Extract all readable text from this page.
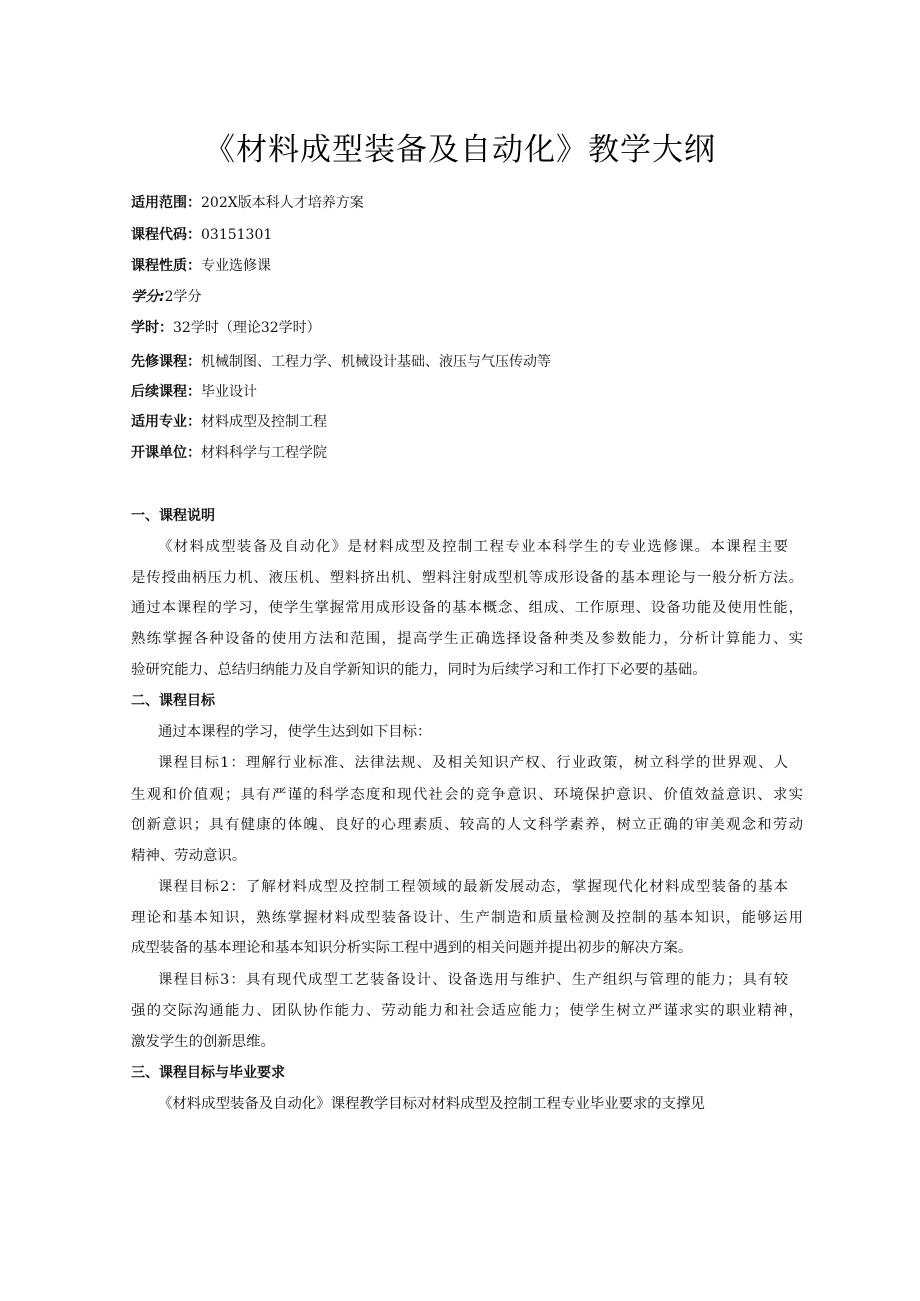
《材料成型装备及自动化》教学大纲
适用范围：202X版本科人才培养方案
课程代码：03151301
课程性质：专业选修课
学分:2学分
学时：32学时（理论32学时）
先修课程：机械制图、工程力学、机械设计基础、液压与气压传动等
后续课程：毕业设计
适用专业：材料成型及控制工程
开课单位：材料科学与工程学院
一、课程说明
《材料成型装备及自动化》是材料成型及控制工程专业本科学生的专业选修课。本课程主要
是传授曲柄压力机、液压机、塑料挤出机、塑料注射成型机等成形设备的基本理论与一般分析方法。
通过本课程的学习，使学生掌握常用成形设备的基本概念、组成、工作原理、设备功能及使用性能，
熟练掌握各种设备的使用方法和范围，提高学生正确选择设备种类及参数能力，分析计算能力、实
验研究能力、总结归纳能力及自学新知识的能力，同时为后续学习和工作打下必要的基础。
二、课程目标
通过本课程的学习，使学生达到如下目标：
课程目标1：理解行业标准、法律法规、及相关知识产权、行业政策，树立科学的世界观、人
生观和价值观；具有严谨的科学态度和现代社会的竞争意识、环境保护意识、价值效益意识、求实
创新意识；具有健康的体魄、良好的心理素质、较高的人文科学素养，树立正确的审美观念和劳动
精神、劳动意识。
课程目标2：了解材料成型及控制工程领域的最新发展动态，掌握现代化材料成型装备的基本
理论和基本知识，熟练掌握材料成型装备设计、生产制造和质量检测及控制的基本知识，能够运用
成型装备的基本理论和基本知识分析实际工程中遇到的相关问题并提出初步的解决方案。
课程目标3：具有现代成型工艺装备设计、设备选用与维护、生产组织与管理的能力；具有较
强的交际沟通能力、团队协作能力、劳动能力和社会适应能力；使学生树立严谨求实的职业精神，
激发学生的创新思维。
三、课程目标与毕业要求
《材料成型装备及自动化》课程教学目标对材料成型及控制工程专业毕业要求的支撑见
